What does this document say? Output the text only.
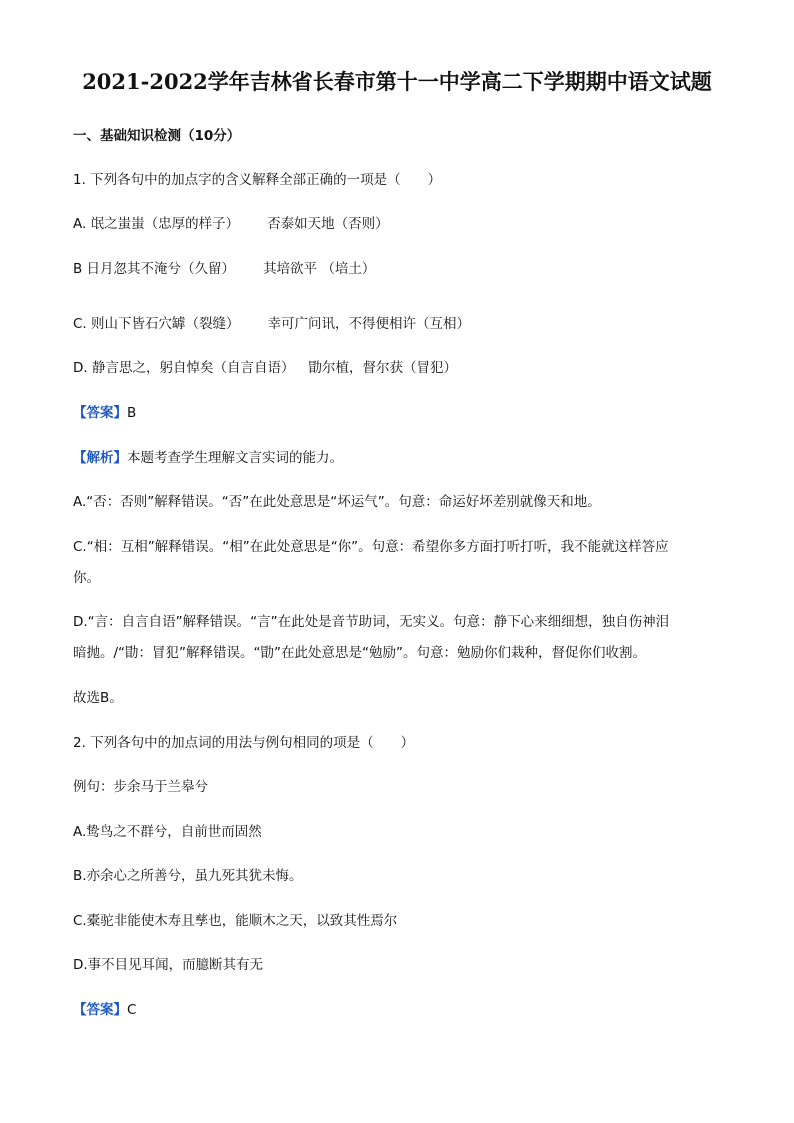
2021-2022学年吉林省长春市第十一中学高二下学期期中语文试题
一、基础知识检测（10分）
1. 下列各句中的加点字的含义解释全部正确的一项是（　　）
A. 氓之蚩蚩（忠厚的样子） 否泰如天地（否则）
B 日月忽其不淹兮（久留） 其培欲平 （培土）
C. 则山下皆石穴罅（裂缝） 幸可广问讯，不得便相许（互相）
D. 静言思之，躬自悼矣（自言自语） 勖尔植，督尔获（冒犯）
【答案】B
【解析】本题考查学生理解文言实词的能力。
A.“否：否则”解释错误。“否”在此处意思是“坏运气”。句意：命运好坏差别就像天和地。
C.“相：互相”解释错误。“相”在此处意思是“你”。句意：希望你多方面打听打听，我不能就这样答应
你。
D.“言：自言自语”解释错误。“言”在此处是音节助词，无实义。句意：静下心来细细想，独自伤神泪
暗抛。/“勖：冒犯”解释错误。“勖”在此处意思是“勉励”。句意：勉励你们栽种，督促你们收割。
故选B。
2. 下列各句中的加点词的用法与例句相同的项是（　　）
例句：步余马于兰皋兮
A.鸷鸟之不群兮，自前世而固然
B.亦余心之所善兮，虽九死其犹未悔。
C.橐驼非能使木寿且孳也，能顺木之天，以致其性焉尔
D.事不目见耳闻，而臆断其有无
【答案】C
